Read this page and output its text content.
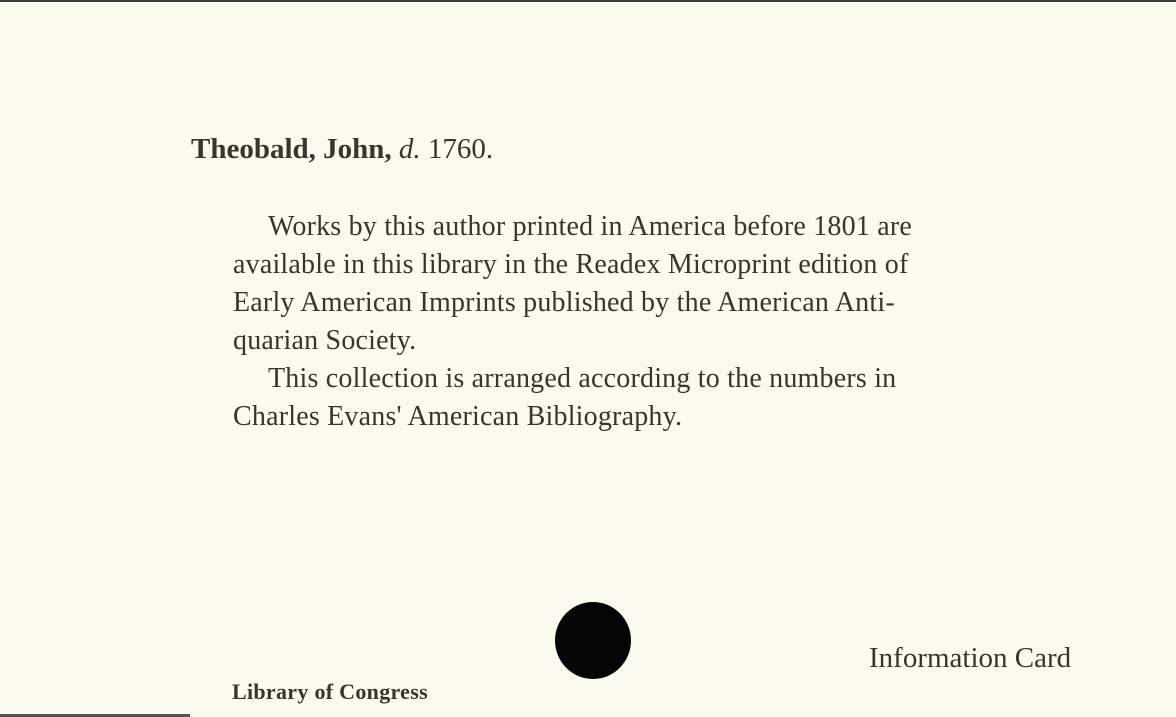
Theobald, John, d. 1760.
Works by this author printed in America before 1801 are
available in this library in the Readex Microprint edition of
Early American Imprints published by the American Anti-
quarian Society.
This collection is arranged according to the numbers in
Charles Evans' American Bibliography.
Information Card
Library of Congress
